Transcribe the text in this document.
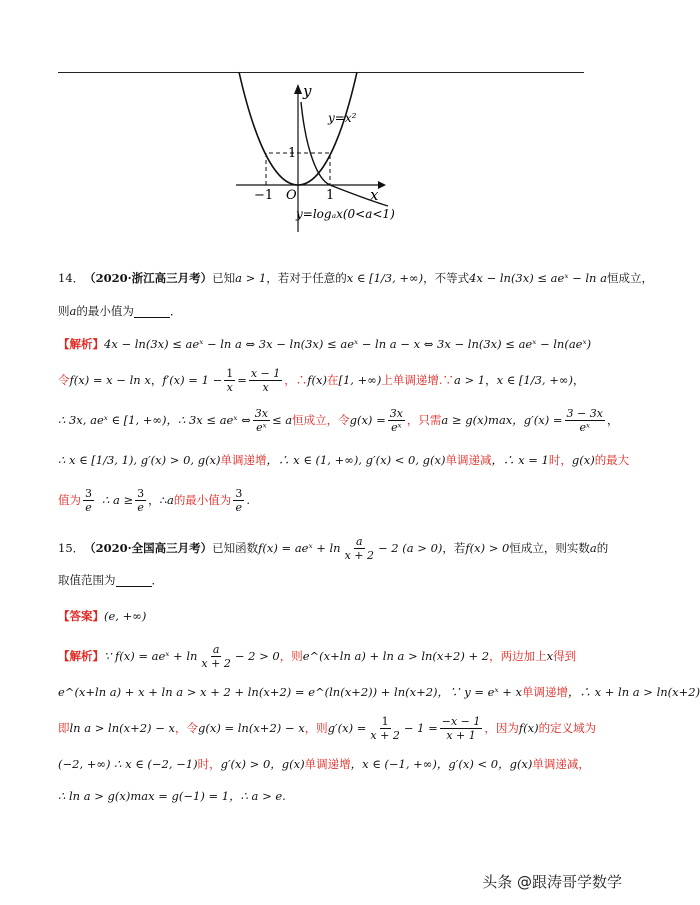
y
x
O
−1	1
1
y=x²
y=logₐx(0<a<1)
14． （2020·浙江高三月考） 已知 a > 1 ，若对于任意的 x ∈ [1/3, +∞) ，不等式 4x − ln(3x) ≤ aeˣ − ln a 恒成立，
则 a 的最小值为	．
【解析】 4x − ln(3x) ≤ aeˣ − ln a ⇔ 3x − ln(3x) ≤ aeˣ − ln a − x ⇔ 3x − ln(3x) ≤ aeˣ − ln(aeˣ)
令 f(x) = x − ln x ， $f'(x) = 1 - \frac{1}{x} = \frac{x - 1}{x}$ ，∴ f(x) 在 [1, +∞) 上单调递增.∵ a > 1 ， x ∈ [1/3, +∞) ，
∴ 3x, aeˣ ∈ [1, +∞)，∴ 3x ≤ aeˣ ⇔ $\frac{3x}{\text{eˣ}} \le a$ 恒成立，令 $g(x) = \frac{3x}{\text{eˣ}}$ ，只需 a ≥ g(x)max，$g'(x) = \frac{3 - 3x}{\text{eˣ}}$ ，
∴ x ∈ [1/3, 1), g′(x) > 0, g(x) 单调递增 ，∴ x ∈ (1, +∞), g′(x) < 0, g(x) 单调递减 ，∴ x = 1 时， g(x) 的最大
值为 $\frac{3}{e}$ ∴ $a \ge \frac{3}{e}$ ， ∴ a 的最小值为 $\frac{3}{e}$ .
15． （2020·全国高三月考） 已知函数 f(x) = aeˣ + $\ln \frac{a}{x + 2} - 2$ (a > 0) ，若 f(x) > 0 恒成立，则实数 a 的
取值范围为	．
【答案】 (e, +∞)
【解析】 ∵ f(x) = aeˣ + $\ln \frac{a}{x + 2} - 2 > 0$ ，则 e^(x+ln a) + ln a > ln(x+2) + 2 ，两边加上 x 得到
e^(x+ln a) + x + ln a > x + 2 + ln(x+2) = e^(ln(x+2)) + ln(x+2) ，∵ y = eˣ + x 单调递增 ，∴ x + ln a > ln(x+2)
即 ln a > ln(x+2) − x ，令 g(x) = ln(x+2) − x ，则 $g'(x) = \frac{1}{x + 2} - 1 = \frac{-x - 1}{x + 1}$ ，因为 f(x) 的定义域为
(−2, +∞) ∴ x ∈ (−2, −1) 时， g′(x) > 0， g(x) 单调递增 ，x ∈ (−1, +∞)， g′(x) < 0， g(x) 单调递减 ，
∴ ln a > g(x)max = g(−1) = 1，∴ a > e.
头条 @跟涛哥学数学
